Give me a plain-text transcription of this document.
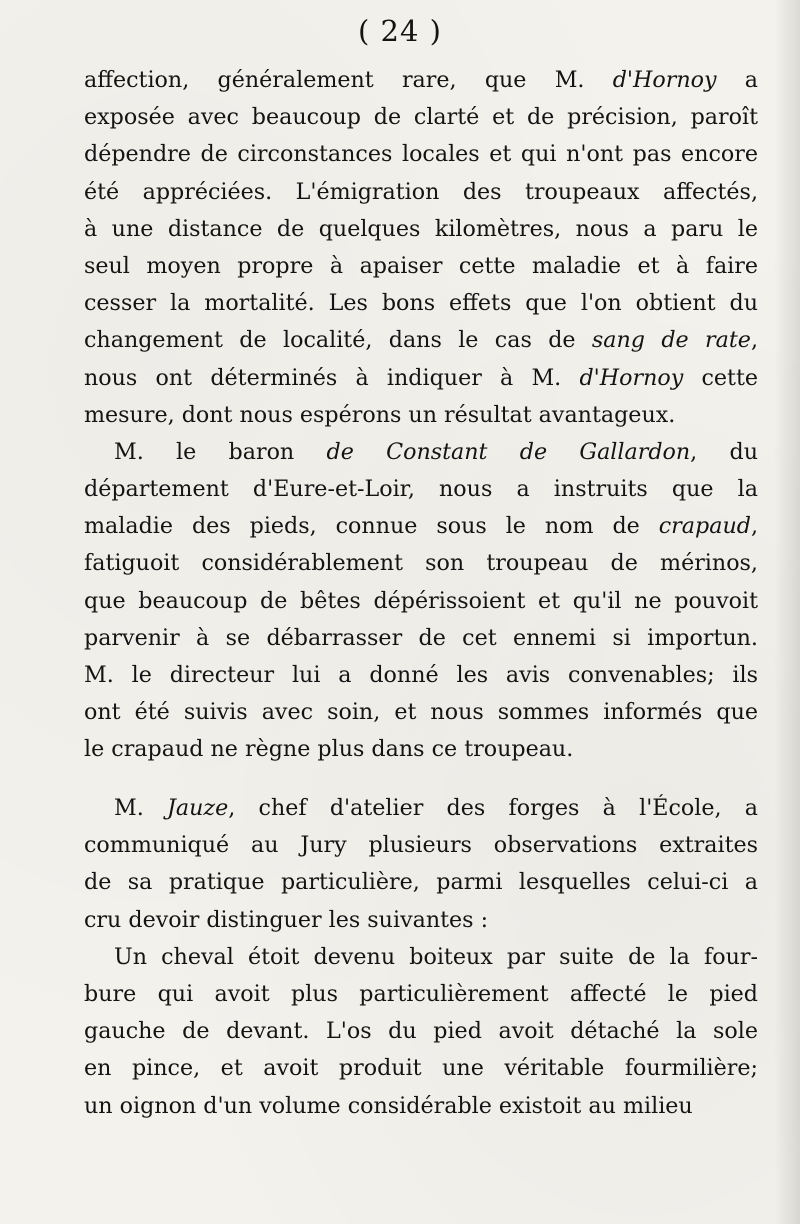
( 24 )
affection, généralement rare, que M. d'Hornoy a
exposée avec beaucoup de clarté et de précision, paroît
dépendre de circonstances locales et qui n'ont pas encore
été appréciées. L'émigration des troupeaux affectés,
à une distance de quelques kilomètres, nous a paru le
seul moyen propre à apaiser cette maladie et à faire
cesser la mortalité. Les bons effets que l'on obtient du
changement de localité, dans le cas de sang de rate,
nous ont déterminés à indiquer à M. d'Hornoy cette
mesure, dont nous espérons un résultat avantageux.
M. le baron de Constant de Gallardon, du
département d'Eure-et-Loir, nous a instruits que la
maladie des pieds, connue sous le nom de crapaud,
fatiguoit considérablement son troupeau de mérinos,
que beaucoup de bêtes dépérissoient et qu'il ne pouvoit
parvenir à se débarrasser de cet ennemi si importun.
M. le directeur lui a donné les avis convenables; ils
ont été suivis avec soin, et nous sommes informés que
le crapaud ne règne plus dans ce troupeau.
M. Jauze, chef d'atelier des forges à l'École, a
communiqué au Jury plusieurs observations extraites
de sa pratique particulière, parmi lesquelles celui-ci a
cru devoir distinguer les suivantes :
Un cheval étoit devenu boiteux par suite de la four-
bure qui avoit plus particulièrement affecté le pied
gauche de devant. L'os du pied avoit détaché la sole
en pince, et avoit produit une véritable fourmilière;
un oignon d'un volume considérable existoit au milieu
